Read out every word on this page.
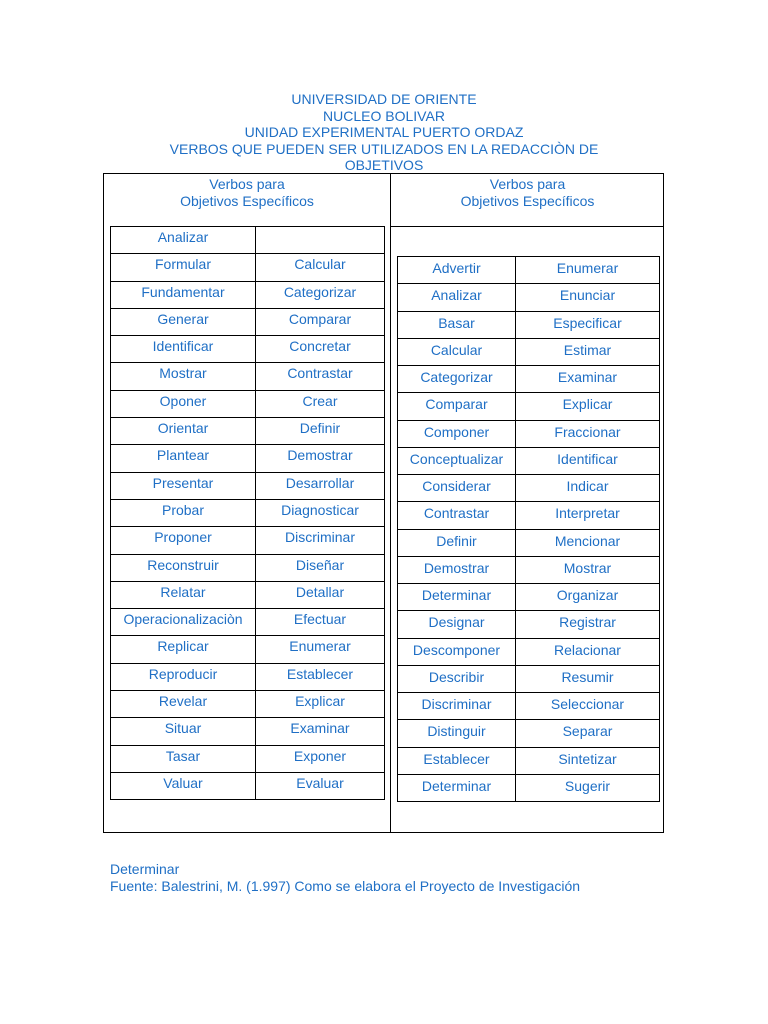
UNIVERSIDAD DE ORIENTE
NUCLEO BOLIVAR
UNIDAD EXPERIMENTAL PUERTO ORDAZ
VERBOS QUE PUEDEN SER UTILIZADOS EN LA REDACCIÒN DE
OBJETIVOS
Verbos para
Objetivos Específicos
Verbos para
Objetivos Específicos
Analizar	
Formular	Calcular
Fundamentar	Categorizar
Generar	Comparar
Identificar	Concretar
Mostrar	Contrastar
Oponer	Crear
Orientar	Definir
Plantear	Demostrar
Presentar	Desarrollar
Probar	Diagnosticar
Proponer	Discriminar
Reconstruir	Diseñar
Relatar	Detallar
Operacionalizaciòn	Efectuar
Replicar	Enumerar
Reproducir	Establecer
Revelar	Explicar
Situar	Examinar
Tasar	Exponer
Valuar	Evaluar
Advertir	Enumerar
Analizar	Enunciar
Basar	Especificar
Calcular	Estimar
Categorizar	Examinar
Comparar	Explicar
Componer	Fraccionar
Conceptualizar	Identificar
Considerar	Indicar
Contrastar	Interpretar
Definir	Mencionar
Demostrar	Mostrar
Determinar	Organizar
Designar	Registrar
Descomponer	Relacionar
Describir	Resumir
Discriminar	Seleccionar
Distinguir	Separar
Establecer	Sintetizar
Determinar	Sugerir
Determinar
Fuente: Balestrini, M. (1.997) Como se elabora el Proyecto de Investigación
